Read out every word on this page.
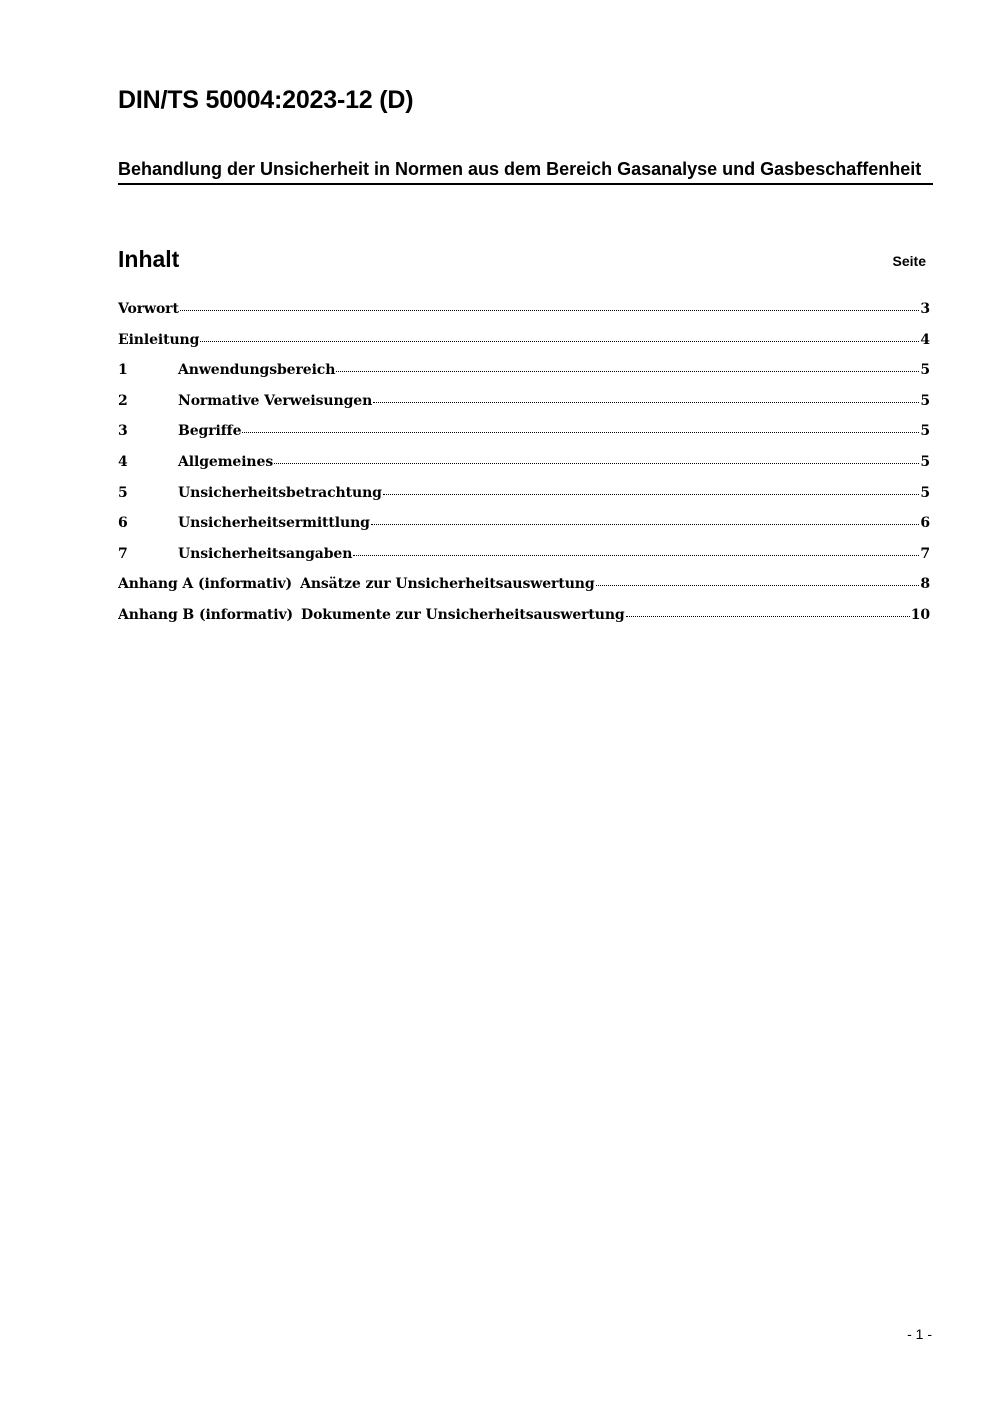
DIN/TS 50004:2023-12 (D)
Behandlung der Unsicherheit in Normen aus dem Bereich Gasanalyse und Gasbeschaffenheit
Inhalt	Seite
Vorwort	3
Einleitung	4
1	Anwendungsbereich	5
2	Normative Verweisungen	5
3	Begriffe	5
4	Allgemeines	5
5	Unsicherheitsbetrachtung	5
6	Unsicherheitsermittlung	6
7	Unsicherheitsangaben	7
Anhang A (informativ) Ansätze zur Unsicherheitsauswertung	8
Anhang B (informativ) Dokumente zur Unsicherheitsauswertung	10
- 1 -
